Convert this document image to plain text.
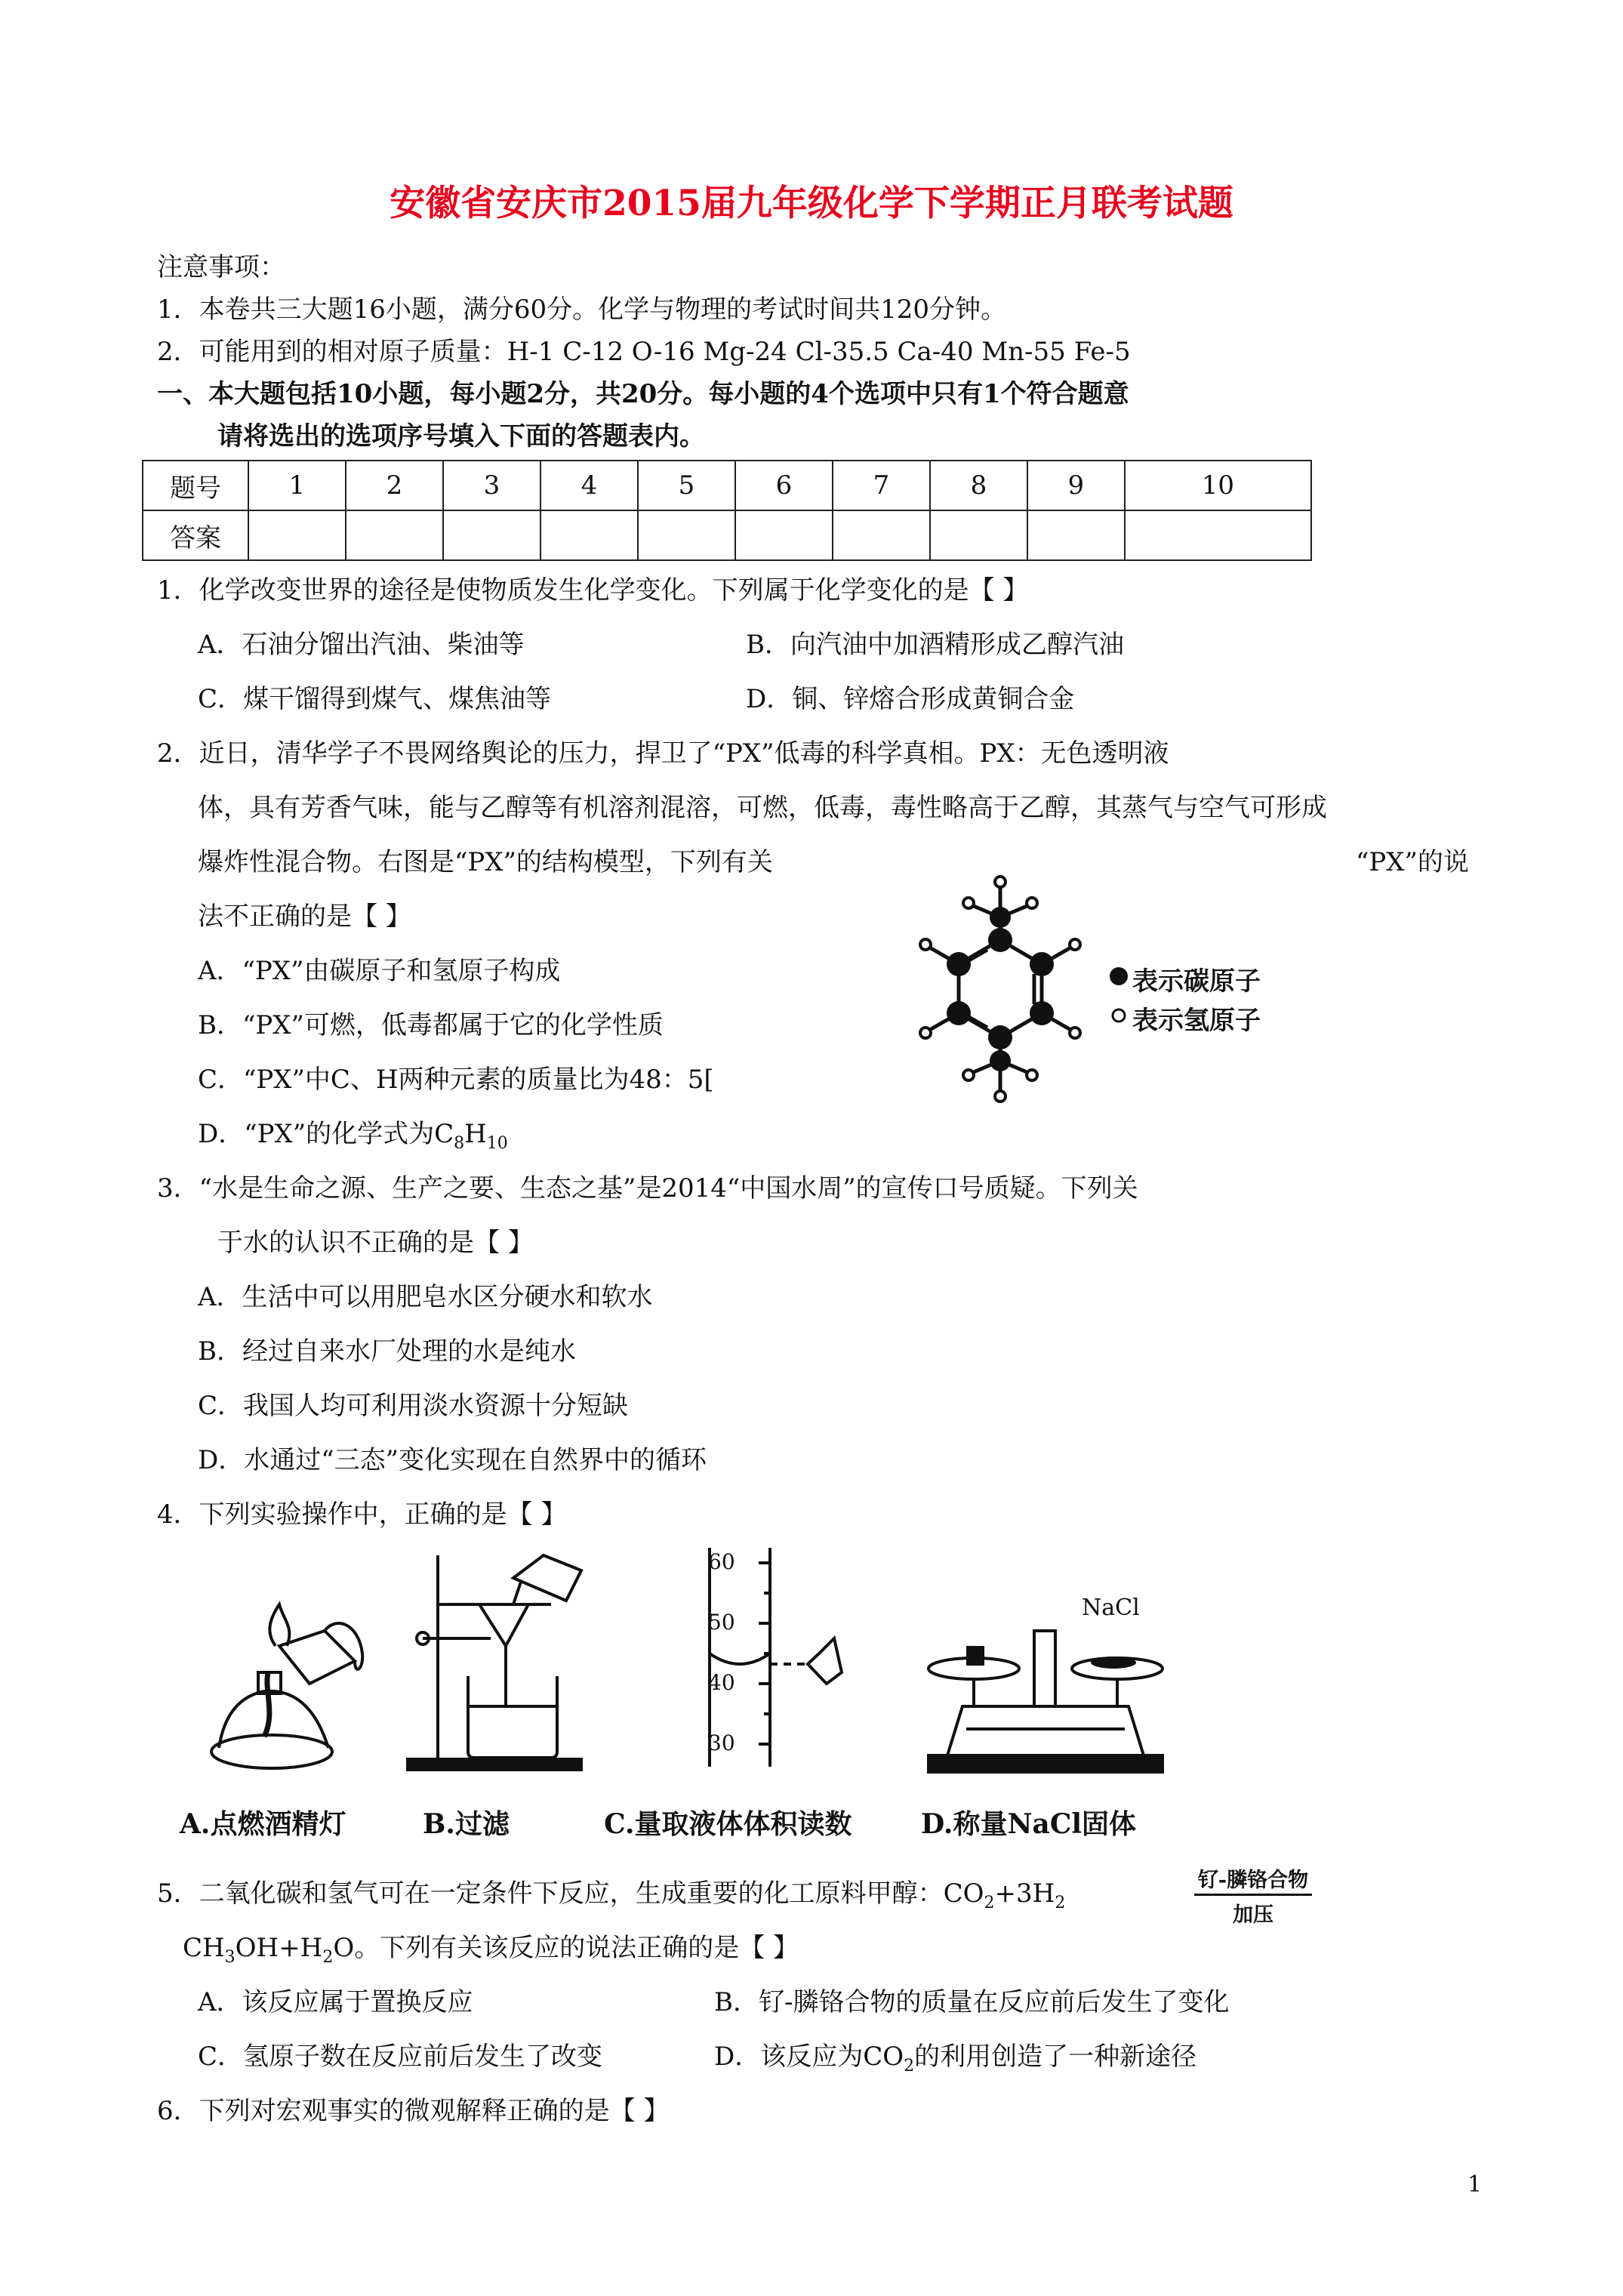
安徽省安庆市2015届九年级化学下学期正月联考试题
注意事项：
1．本卷共三大题16小题，满分60分。化学与物理的考试时间共120分钟。
2．可能用到的相对原子质量：H-1 C-12 O-16 Mg-24 Cl-35.5 Ca-40 Mn-55 Fe-5
一、本大题包括10小题，每小题2分，共20分。每小题的4个选项中只有1个符合题意
请将选出的选项序号填入下面的答题表内。
题号	1	2	3	4	5	6	7	8	9	10
答案										
1．化学改变世界的途径是使物质发生化学变化。下列属于化学变化的是【 】
A．石油分馏出汽油、柴油等	B．向汽油中加酒精形成乙醇汽油
C．煤干馏得到煤气、煤焦油等	D．铜、锌熔合形成黄铜合金
2．近日，清华学子不畏网络舆论的压力，捍卫了“PX”低毒的科学真相。PX：无色透明液
体，具有芳香气味，能与乙醇等有机溶剂混溶，可燃，低毒，毒性略高于乙醇，其蒸气与空气可形成
爆炸性混合物。右图是“PX”的结构模型，下列有关	“PX”的说
法不正确的是【 】
A．“PX”由碳原子和氢原子构成
B．“PX”可燃，低毒都属于它的化学性质
C．“PX”中C、H两种元素的质量比为48：5[
D．“PX”的化学式为$C_8H_{10}$
表示碳原子
表示氢原子
3．“水是生命之源、生产之要、生态之基”是2014“中国水周”的宣传口号质疑。下列关
于水的认识不正确的是【 】
A．生活中可以用肥皂水区分硬水和软水
B．经过自来水厂处理的水是纯水
C．我国人均可利用淡水资源十分短缺
D．水通过“三态”变化实现在自然界中的循环
4．下列实验操作中，正确的是【 】
60
50
40
30
NaCl
A.点燃酒精灯	B.过滤	C.量取液体体积读数	D.称量NaCl固体
5．二氧化碳和氢气可在一定条件下反应，生成重要的化工原料甲醇：$CO_2+3H_2$
钌-膦铬合物
加压
$CH_3OH+H_2O$。下列有关该反应的说法正确的是【 】
A．该反应属于置换反应	B．钌-膦铬合物的质量在反应前后发生了变化
C．氢原子数在反应前后发生了改变	D．该反应为$CO_2$的利用创造了一种新途径
6．下列对宏观事实的微观解释正确的是【 】
1
